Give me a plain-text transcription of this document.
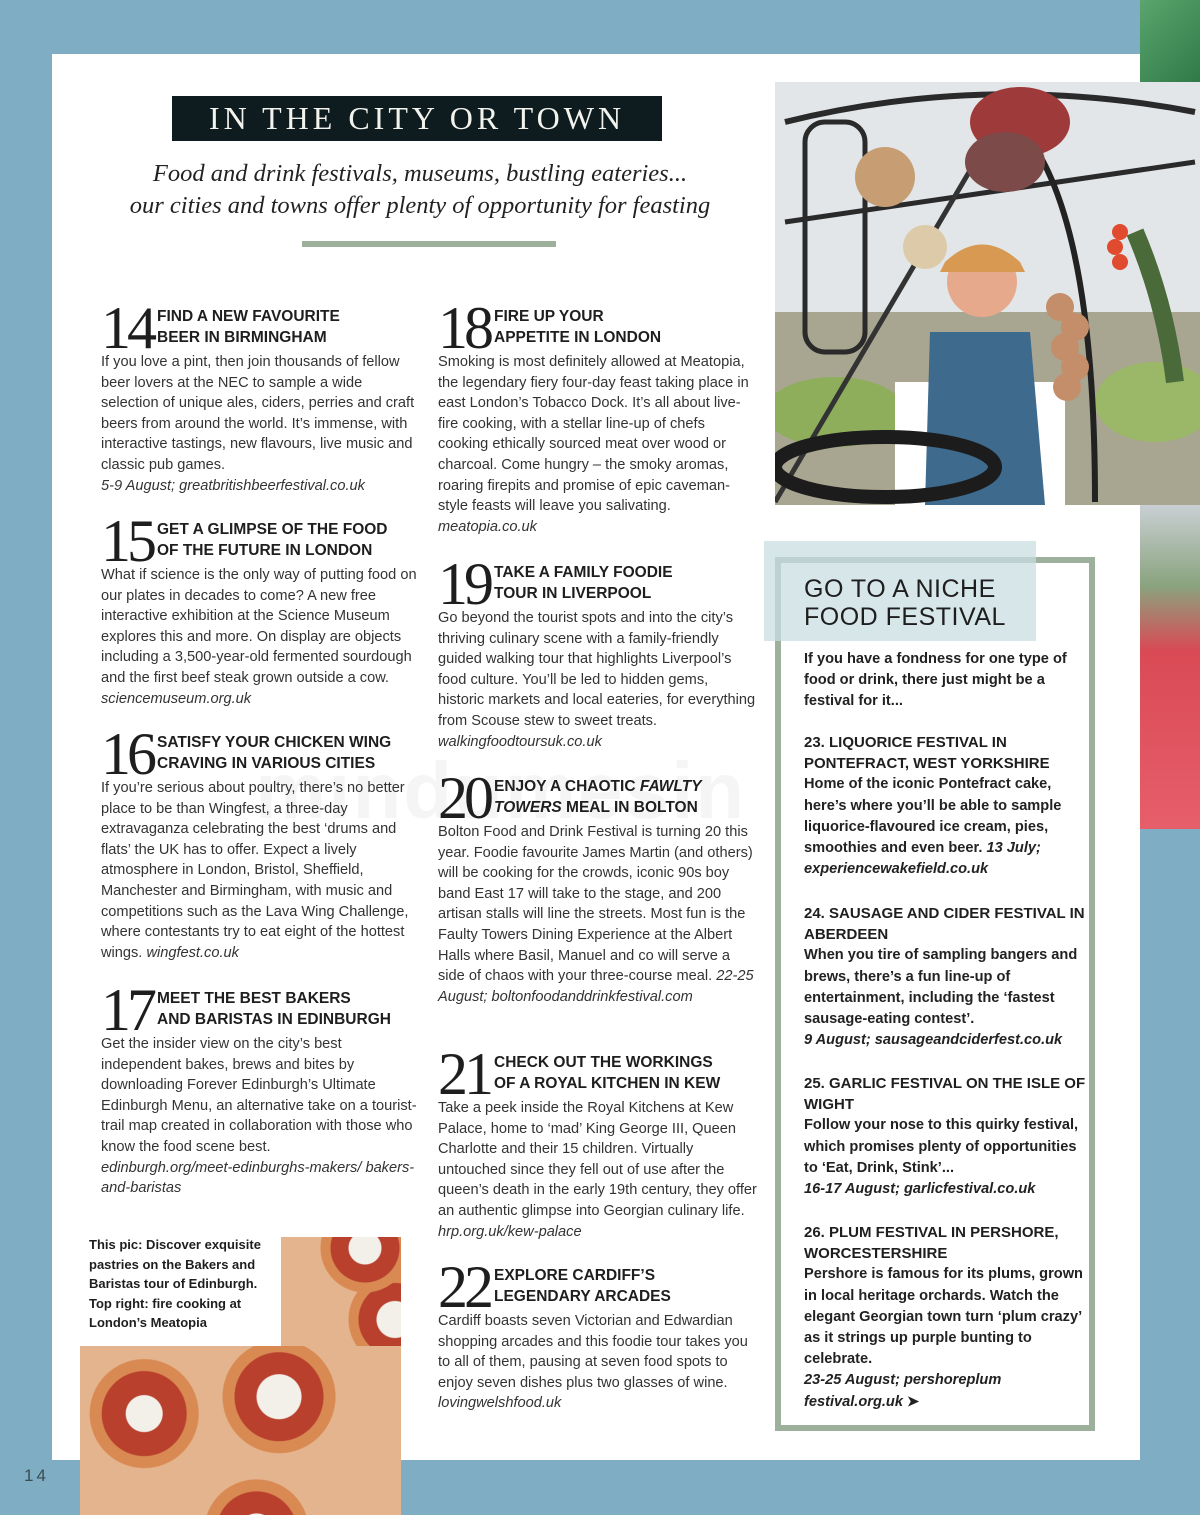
IN THE CITY OR TOWN
Food and drink festivals, museums, bustling eateries...
our cities and towns offer plenty of opportunity for feasting
14 FIND A NEW FAVOURITE
BEER IN BIRMINGHAM
If you love a pint, then join thousands of fellow beer lovers at the NEC to sample a wide selection of unique ales, ciders, perries and craft beers from around the world. It’s immense, with interactive tastings, new flavours, live music and classic pub games.
5-9 August; greatbritishbeerfestival.co.uk
15 GET A GLIMPSE OF THE FOOD
OF THE FUTURE IN LONDON
What if science is the only way of putting food on our plates in decades to come? A new free interactive exhibition at the Science Museum explores this and more. On display are objects including a 3,500-year-old fermented sourdough and the first beef steak grown outside a cow. sciencemuseum.org.uk
16 SATISFY YOUR CHICKEN WING
CRAVING IN VARIOUS CITIES
If you’re serious about poultry, there’s no better place to be than Wingfest, a three-day extravaganza celebrating the best ‘drums and flats’ the UK has to offer. Expect a lively atmosphere in London, Bristol, Sheffield, Manchester and Birmingham, with music and competitions such as the Lava Wing Challenge, where contestants try to eat eight of the hottest wings. wingfest.co.uk
17 MEET THE BEST BAKERS
AND BARISTAS IN EDINBURGH
Get the insider view on the city’s best independent bakes, brews and bites by downloading Forever Edinburgh’s Ultimate Edinburgh Menu, an alternative take on a tourist-trail map created in collaboration with those who know the food scene best.
edinburgh.org/meet-edinburghs-makers/ bakers-and-baristas
18 FIRE UP YOUR
APPETITE IN LONDON
Smoking is most definitely allowed at Meatopia, the legendary fiery four-day feast taking place in east London’s Tobacco Dock. It’s all about live-fire cooking, with a stellar line-up of chefs cooking ethically sourced meat over wood or charcoal. Come hungry – the smoky aromas, roaring firepits and promise of epic caveman-style feasts will leave you salivating. meatopia.co.uk
19 TAKE A FAMILY FOODIE
TOUR IN LIVERPOOL
Go beyond the tourist spots and into the city’s thriving culinary scene with a family-friendly guided walking tour that highlights Liverpool’s food culture. You’ll be led to hidden gems, historic markets and local eateries, for everything from Scouse stew to sweet treats. walkingfoodtoursuk.co.uk
20 ENJOY A CHAOTIC FAWLTY
TOWERS MEAL IN BOLTON
Bolton Food and Drink Festival is turning 20 this year. Foodie favourite James Martin (and others) will be cooking for the crowds, iconic 90s boy band East 17 will take to the stage, and 200 artisan stalls will line the streets. Most fun is the Faulty Towers Dining Experience at the Albert Halls where Basil, Manuel and co will serve a side of chaos with your three-course meal. 22-25 August; boltonfoodanddrinkfestival.com
21 CHECK OUT THE WORKINGS
OF A ROYAL KITCHEN IN KEW
Take a peek inside the Royal Kitchens at Kew Palace, home to ‘mad’ King George III, Queen Charlotte and their 15 children. Virtually untouched since they fell out of use after the queen’s death in the early 19th century, they offer an authentic glimpse into Georgian culinary life. hrp.org.uk/kew-palace
22 EXPLORE CARDIFF’S
LEGENDARY ARCADES
Cardiff boasts seven Victorian and Edwardian shopping arcades and this foodie tour takes you to all of them, pausing at seven food spots to enjoy seven dishes plus two glasses of wine. lovingwelshfood.uk
GO TO A NICHE
FOOD FESTIVAL
If you have a fondness for one type of food or drink, there just might be a festival for it...
23. LIQUORICE FESTIVAL IN PONTEFRACT, WEST YORKSHIRE
Home of the iconic Pontefract cake, here’s where you’ll be able to sample liquorice-flavoured ice cream, pies, smoothies and even beer. 13 July; experiencewakefield.co.uk
24. SAUSAGE AND CIDER FESTIVAL IN ABERDEEN
When you tire of sampling bangers and brews, there’s a fun line-up of entertainment, including the ‘fastest sausage-eating contest’.
9 August; sausageandciderfest.co.uk
25. GARLIC FESTIVAL ON THE ISLE OF WIGHT
Follow your nose to this quirky festival, which promises plenty of opportunities to ‘Eat, Drink, Stink’...
16-17 August; garlicfestival.co.uk
26. PLUM FESTIVAL IN PERSHORE, WORCESTERSHIRE
Pershore is famous for its plums, grown in local heritage orchards. Watch the elegant Georgian town turn ‘plum crazy’ as it strings up purple bunting to celebrate.
23-25 August; pershoreplum festival.org.uk ➤
This pic: Discover exquisite pastries on the Bakers and Baristas tour of Edinburgh. Top right: fire cooking at London’s Meatopia
14
